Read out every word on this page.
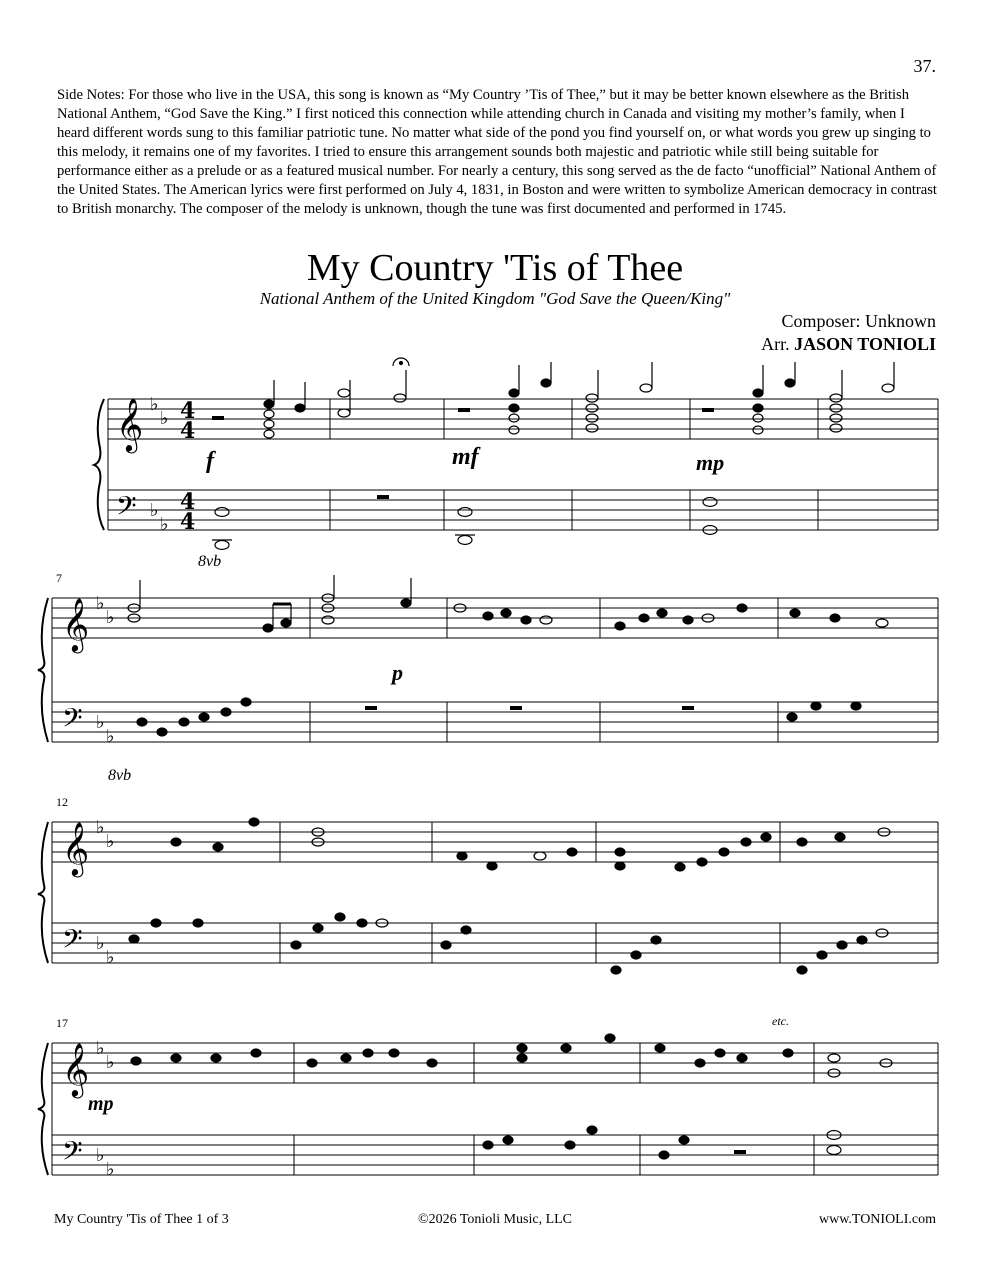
37.
Side Notes: For those who live in the USA, this song is known as “My Country ’Tis of Thee,” but it may be better known elsewhere as the British National Anthem, “God Save the King.” I first noticed this connection while attending church in Canada and visiting my mother’s family, when I heard different words sung to this familiar patriotic tune. No matter what side of the pond you find yourself on, or what words you grew up singing to this melody, it remains one of my favorites. I tried to ensure this arrangement sounds both majestic and patriotic while still being suitable for performance either as a prelude or as a featured musical number. For nearly a century, this song served as the de facto “unofficial” National Anthem of the United States. The American lyrics were first performed on July 4, 1831, in Boston and were written to symbolize American democracy in contrast to British monarchy. The composer of the melody is unknown, though the tune was first documented and performed in 1745.
My Country 'Tis of Thee
National Anthem of the United Kingdom "God Save the Queen/King"
Composer: Unknown
Arr. JASON TONIOLI
𝄞
𝄢
𝄞
𝄢
𝄞
𝄢
𝄞
𝄢
♭
♭
♭
♭
♭
♭
♭
♭
♭
♭
♭
♭
♭
♭
♭
♭
4
4
4
4
7
12
17
f	mf	mp
p
mp
8vb
8vb
etc.
My Country 'Tis of Thee 1 of 3	©2026 Tonioli Music, LLC	www.TONIOLI.com
